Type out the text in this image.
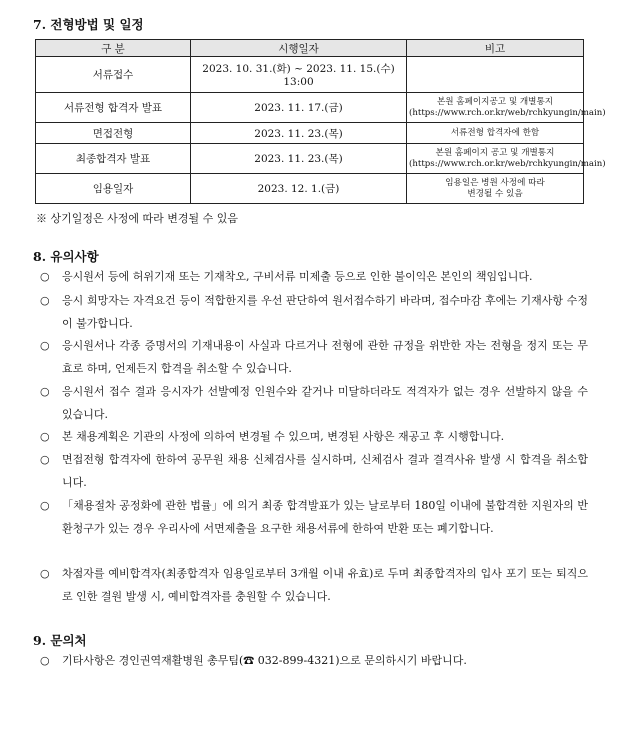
7. 전형방법 및 일정
구 분	시행일자	비고
서류접수	2023. 10. 31.(화) ~ 2023. 11. 15.(수) 13:00	
서류전형 합격자 발표	2023. 11. 17.(금)	본원 홈페이지공고 및 개별통지
(https://www.rch.or.kr/web/rchkyungin/main)
면접전형	2023. 11. 23.(목)	서류전형 합격자에 한함
최종합격자 발표	2023. 11. 23.(목)	본원 홈페이지 공고 및 개별통지
(https://www.rch.or.kr/web/rchkyungin/main)
임용일자	2023. 12. 1.(금)	임용일은 병원 사정에 따라
변경될 수 있음
※ 상기일정은 사정에 따라 변경될 수 있음
8. 유의사항
○	응시원서 등에 허위기재 또는 기재착오, 구비서류 미제출 등으로 인한 불이익은 본인의 책임입니다.
○	응시 희망자는 자격요건 등이 적합한지를 우선 판단하여 원서접수하기 바라며, 접수마감 후에는 기재사항 수정이 불가합니다.
○	응시원서나 각종 증명서의 기재내용이 사실과 다르거나 전형에 관한 규정을 위반한 자는 전형을 정지 또는 무효로 하며, 언제든지 합격을 취소할 수 있습니다.
○	응시원서 접수 결과 응시자가 선발예정 인원수와 같거나 미달하더라도 적격자가 없는 경우 선발하지 않을 수 있습니다.
○	본 채용계획은 기관의 사정에 의하여 변경될 수 있으며, 변경된 사항은 재공고 후 시행합니다.
○	면접전형 합격자에 한하여 공무원 채용 신체검사를 실시하며, 신체검사 결과 결격사유 발생 시 합격을 취소합니다.
○	「채용절차 공정화에 관한 법률」에 의거 최종 합격발표가 있는 날로부터 180일 이내에 불합격한 지원자의 반환청구가 있는 경우 우리사에 서면제출을 요구한 채용서류에 한하여 반환 또는 폐기합니다.
○	차점자를 예비합격자(최종합격자 임용일로부터 3개월 이내 유효)로 두며 최종합격자의 입사 포기 또는 퇴직으로 인한 결원 발생 시, 예비합격자를 충원할 수 있습니다.
9. 문의처
○	기타사항은 경인권역재활병원 총무팀(☎ 032-899-4321)으로 문의하시기 바랍니다.
